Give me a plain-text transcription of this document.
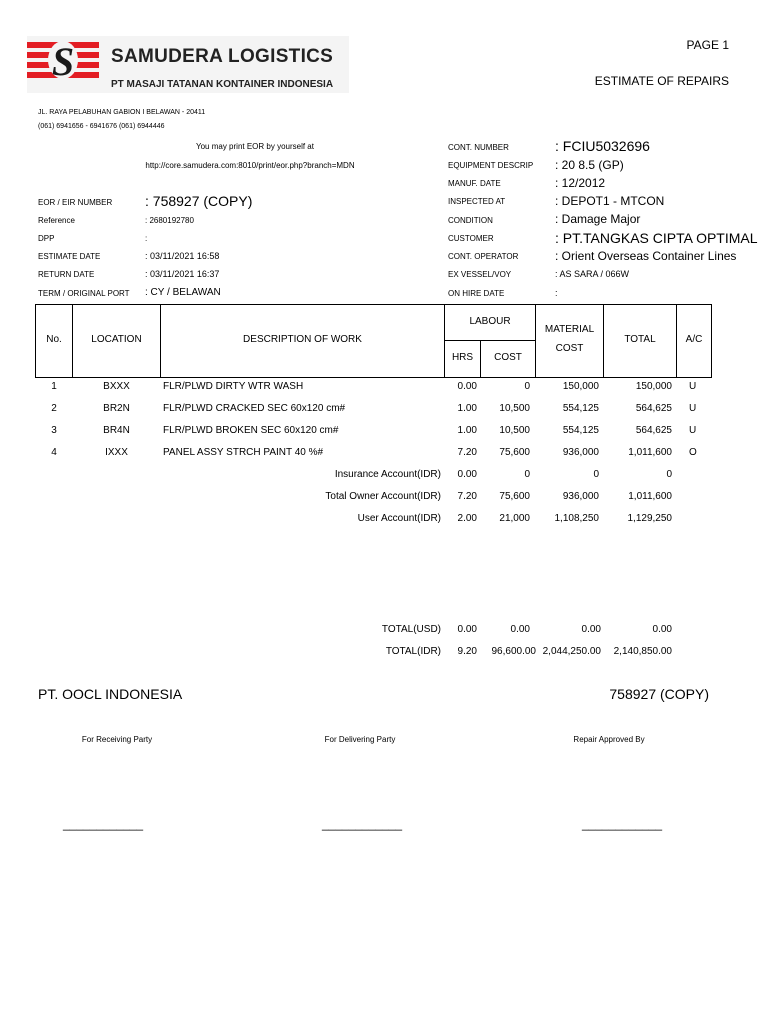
S SAMUDERA LOGISTICS
PT MASAJI TATANAN KONTAINER INDONESIA
PAGE 1
ESTIMATE OF REPAIRS
JL. RAYA PELABUHAN GABION I BELAWAN - 20411
(061) 6941656 - 6941676 (061) 6944446
You may print EOR by yourself at
http://core.samudera.com:8010/print/eor.php?branch=MDN
EOR / EIR NUMBER : 758927 (COPY)
Reference	: 2680192780
DPP	:
ESTIMATE DATE	: 03/11/2021 16:58
RETURN DATE	: 03/11/2021 16:37
TERM / ORIGINAL PORT : CY / BELAWAN
CONT. NUMBER	: FCIU5032696
EQUIPMENT DESCRIP : 20 8.5 (GP)
MANUF. DATE	: 12/2012
INSPECTED AT	: DEPOT1 - MTCON
CONDITION	: Damage Major
CUSTOMER	: PT.TANGKAS CIPTA OPTIMAL
CONT. OPERATOR	: Orient Overseas Container Lines
EX VESSEL/VOY	: AS SARA / 066W
ON HIRE DATE	:
No.	LOCATION	DESCRIPTION OF WORK
LABOUR
HRS	COST
MATERIAL
COST
TOTAL	A/C
1	BXXX	FLR/PLWD DIRTY WTR WASH	0.00	0	150,000	150,000 U
2	BR2N	FLR/PLWD CRACKED SEC 60x120 cm#	1.00	10,500	554,125	564,625 U
3	BR4N	FLR/PLWD BROKEN SEC 60x120 cm#	1.00	10,500	554,125	564,625 U
4	IXXX	PANEL ASSY STRCH PAINT 40 %#	7.20	75,600	936,000	1,011,600 O
Insurance Account(IDR)	0.00	0	0	0
Total Owner Account(IDR)	7.20	75,600	936,000	1,011,600
User Account(IDR)	2.00	21,000	1,108,250	1,129,250
TOTAL(USD)	0.00	0.00	0.00	0.00
TOTAL(IDR)	9.20	96,600.00 2,044,250.00	2,140,850.00
PT. OOCL INDONESIA	758927 (COPY)
For Receiving Party	For Delivering Party	Repair Approved By
____________	____________	____________
